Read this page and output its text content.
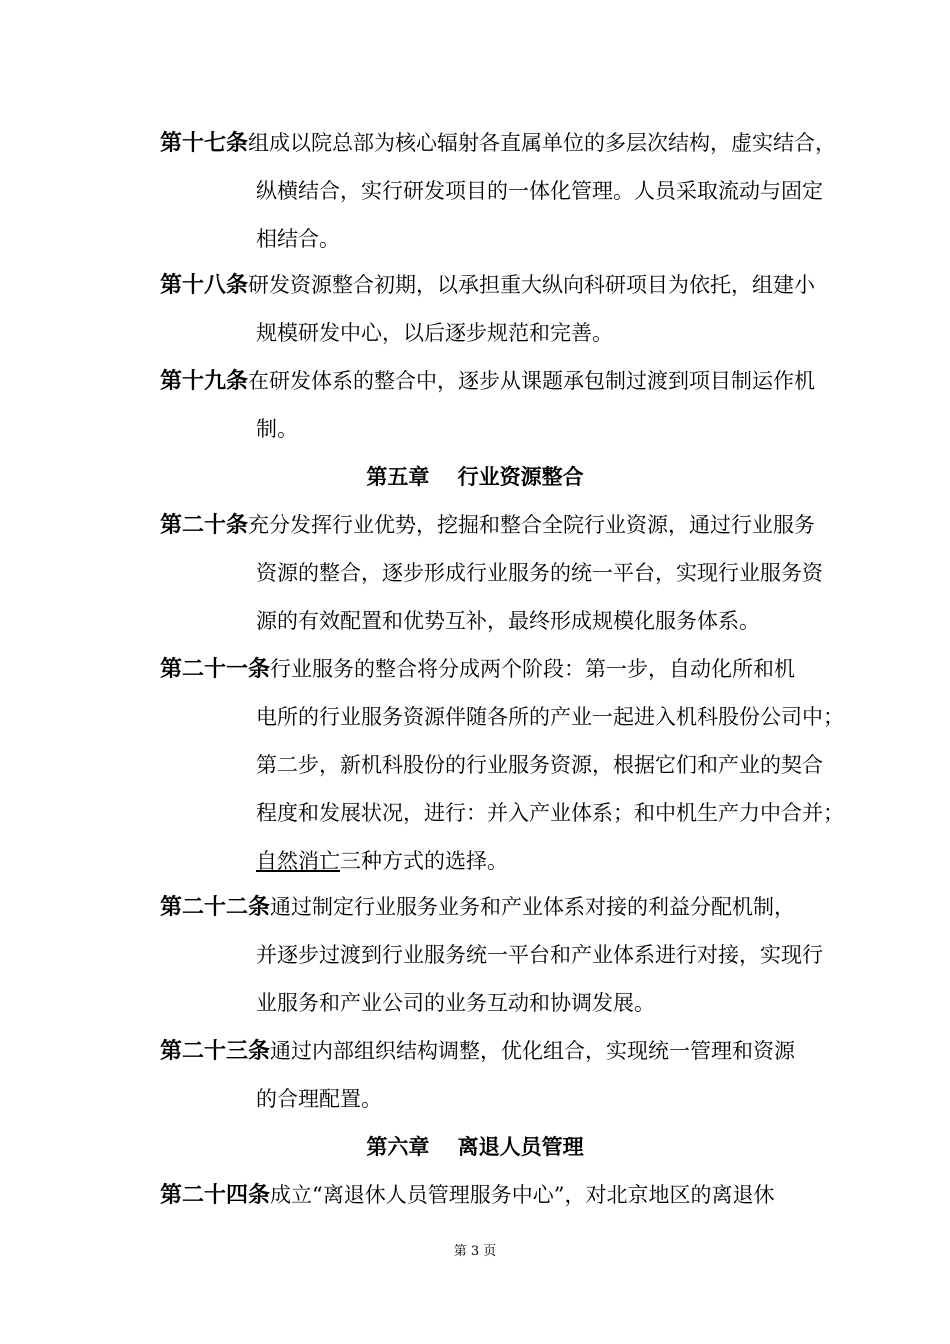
第十七条组成以院总部为核心辐射各直属单位的多层次结构，虚实结合，
纵横结合，实行研发项目的一体化管理。人员采取流动与固定
相结合。
第十八条研发资源整合初期，以承担重大纵向科研项目为依托，组建小
规模研发中心，以后逐步规范和完善。
第十九条在研发体系的整合中，逐步从课题承包制过渡到项目制运作机
制。
第五章　 行业资源整合
第二十条充分发挥行业优势，挖掘和整合全院行业资源，通过行业服务
资源的整合，逐步形成行业服务的统一平台，实现行业服务资
源的有效配置和优势互补，最终形成规模化服务体系。
第二十一条行业服务的整合将分成两个阶段：第一步，自动化所和机
电所的行业服务资源伴随各所的产业一起进入机科股份公司中；
第二步，新机科股份的行业服务资源，根据它们和产业的契合
程度和发展状况，进行：并入产业体系；和中机生产力中合并；
自然消亡三种方式的选择。
第二十二条通过制定行业服务业务和产业体系对接的利益分配机制，
并逐步过渡到行业服务统一平台和产业体系进行对接，实现行
业服务和产业公司的业务互动和协调发展。
第二十三条通过内部组织结构调整，优化组合，实现统一管理和资源
的合理配置。
第六章　 离退人员管理
第二十四条成立“离退休人员管理服务中心”，对北京地区的离退休
第 3 页
